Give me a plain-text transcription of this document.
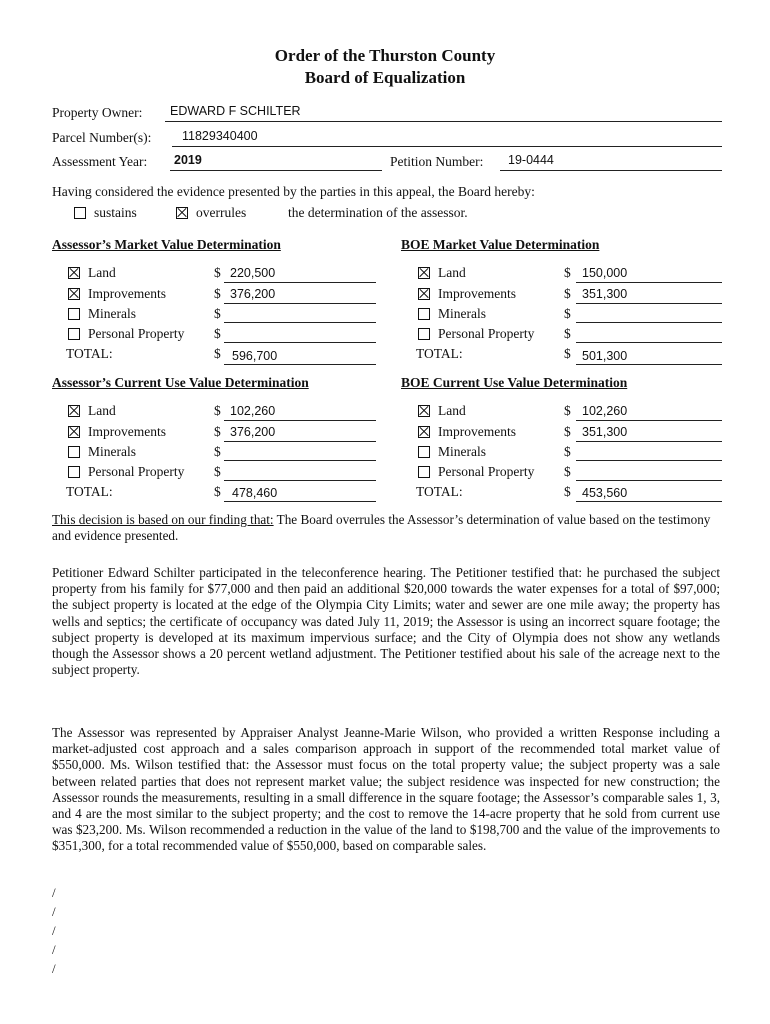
Order of the Thurston County
Board of Equalization
Property Owner: EDWARD F SCHILTER
Parcel Number(s): 11829340400
Assessment Year: 2019	Petition Number: 19-0444
Having considered the evidence presented by the parties in this appeal, the Board hereby:
sustains	overrules	the determination of the assessor.
Assessor’s Market Value Determination
Land	$ 220,500
Improvements	$ 376,200
Minerals	$
Personal Property $
TOTAL:	$ 596,700
BOE Market Value Determination
Land	$ 150,000
Improvements	$ 351,300
Minerals	$
Personal Property $
TOTAL:	$ 501,300
Assessor’s Current Use Value Determination
Land	$ 102,260
Improvements	$ 376,200
Minerals	$
Personal Property $
TOTAL:	$ 478,460
BOE Current Use Value Determination
Land	$ 102,260
Improvements	$ 351,300
Minerals	$
Personal Property $
TOTAL:	$ 453,560
This decision is based on our finding that: The Board overrules the Assessor’s determination of value based on the testimony and evidence presented.
Petitioner Edward Schilter participated in the teleconference hearing. The Petitioner testified that: he purchased the subject property from his family for $77,000 and then paid an additional $20,000 towards the water expenses for a total of $97,000; the subject property is located at the edge of the Olympia City Limits; water and sewer are one mile away; the property has wells and septics; the certificate of occupancy was dated July 11, 2019; the Assessor is using an incorrect square footage; the subject property is developed at its maximum impervious surface; and the City of Olympia does not show any wetlands though the Assessor shows a 20 percent wetland adjustment. The Petitioner testified about his sale of the acreage next to the subject property.
The Assessor was represented by Appraiser Analyst Jeanne-Marie Wilson, who provided a written Response including a market-adjusted cost approach and a sales comparison approach in support of the recommended total market value of $550,000. Ms. Wilson testified that: the Assessor must focus on the total property value; the subject property was a sale between related parties that does not represent market value; the subject residence was inspected for new construction; the Assessor rounds the measurements, resulting in a small difference in the square footage; the Assessor’s comparable sales 1, 3, and 4 are the most similar to the subject property; and the cost to remove the 14-acre property that he sold from current use was $23,200. Ms. Wilson recommended a reduction in the value of the land to $198,700 and the value of the improvements to $351,300, for a total recommended value of $550,000, based on comparable sales.
/
/
/
/
/
